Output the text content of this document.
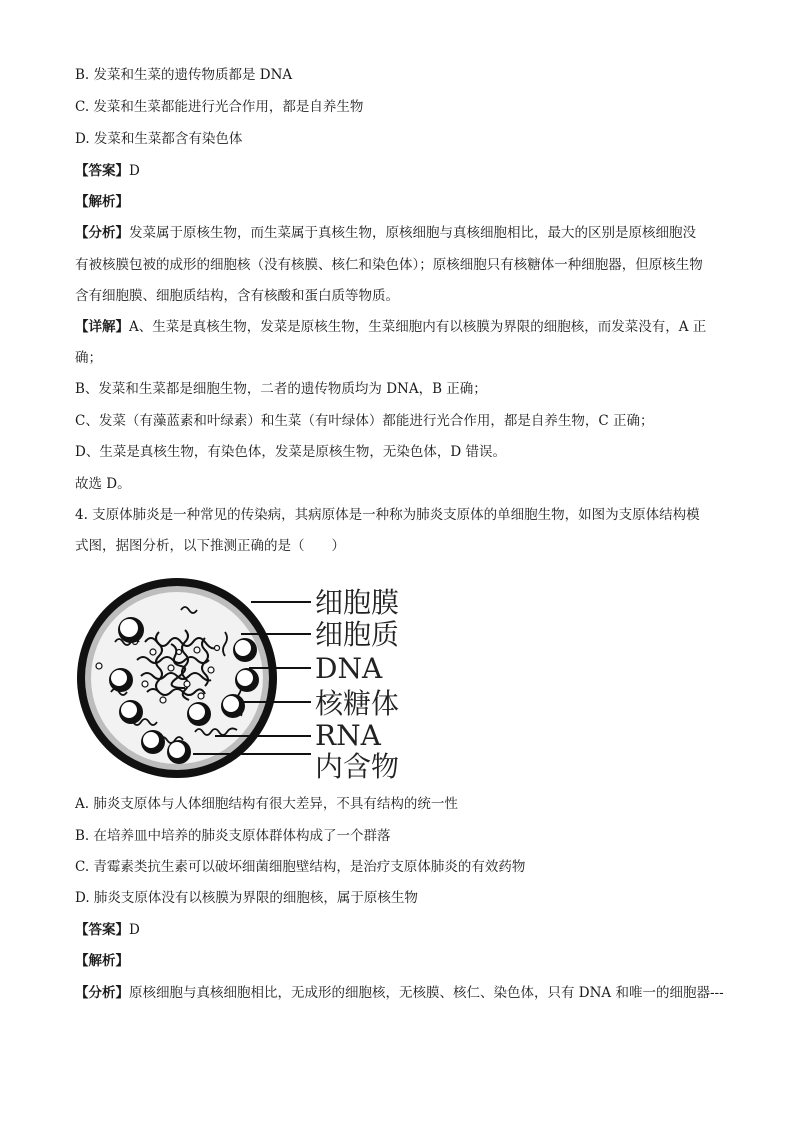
B. 发菜和生菜的遗传物质都是 DNA
C. 发菜和生菜都能进行光合作用，都是自养生物
D. 发菜和生菜都含有染色体
【答案】D
【解析】
【分析】发菜属于原核生物，而生菜属于真核生物，原核细胞与真核细胞相比，最大的区别是原核细胞没
有被核膜包被的成形的细胞核（没有核膜、核仁和染色体）；原核细胞只有核糖体一种细胞器，但原核生物
含有细胞膜、细胞质结构，含有核酸和蛋白质等物质。
【详解】A、生菜是真核生物，发菜是原核生物，生菜细胞内有以核膜为界限的细胞核，而发菜没有，A 正
确；
B、发菜和生菜都是细胞生物，二者的遗传物质均为 DNA，B 正确；
C、发菜（有藻蓝素和叶绿素）和生菜（有叶绿体）都能进行光合作用，都是自养生物，C 正确；
D、生菜是真核生物，有染色体，发菜是原核生物，无染色体，D 错误。
故选 D。
4. 支原体肺炎是一种常见的传染病，其病原体是一种称为肺炎支原体的单细胞生物，如图为支原体结构模
式图，据图分析，以下推测正确的是（　　）
细胞膜
细胞质
DNA
核糖体
RNA
内含物
A. 肺炎支原体与人体细胞结构有很大差异，不具有结构的统一性
B. 在培养皿中培养的肺炎支原体群体构成了一个群落
C. 青霉素类抗生素可以破坏细菌细胞壁结构，是治疗支原体肺炎的有效药物
D. 肺炎支原体没有以核膜为界限的细胞核，属于原核生物
【答案】D
【解析】
【分析】原核细胞与真核细胞相比，无成形的细胞核，无核膜、核仁、染色体，只有 DNA 和唯一的细胞器---
